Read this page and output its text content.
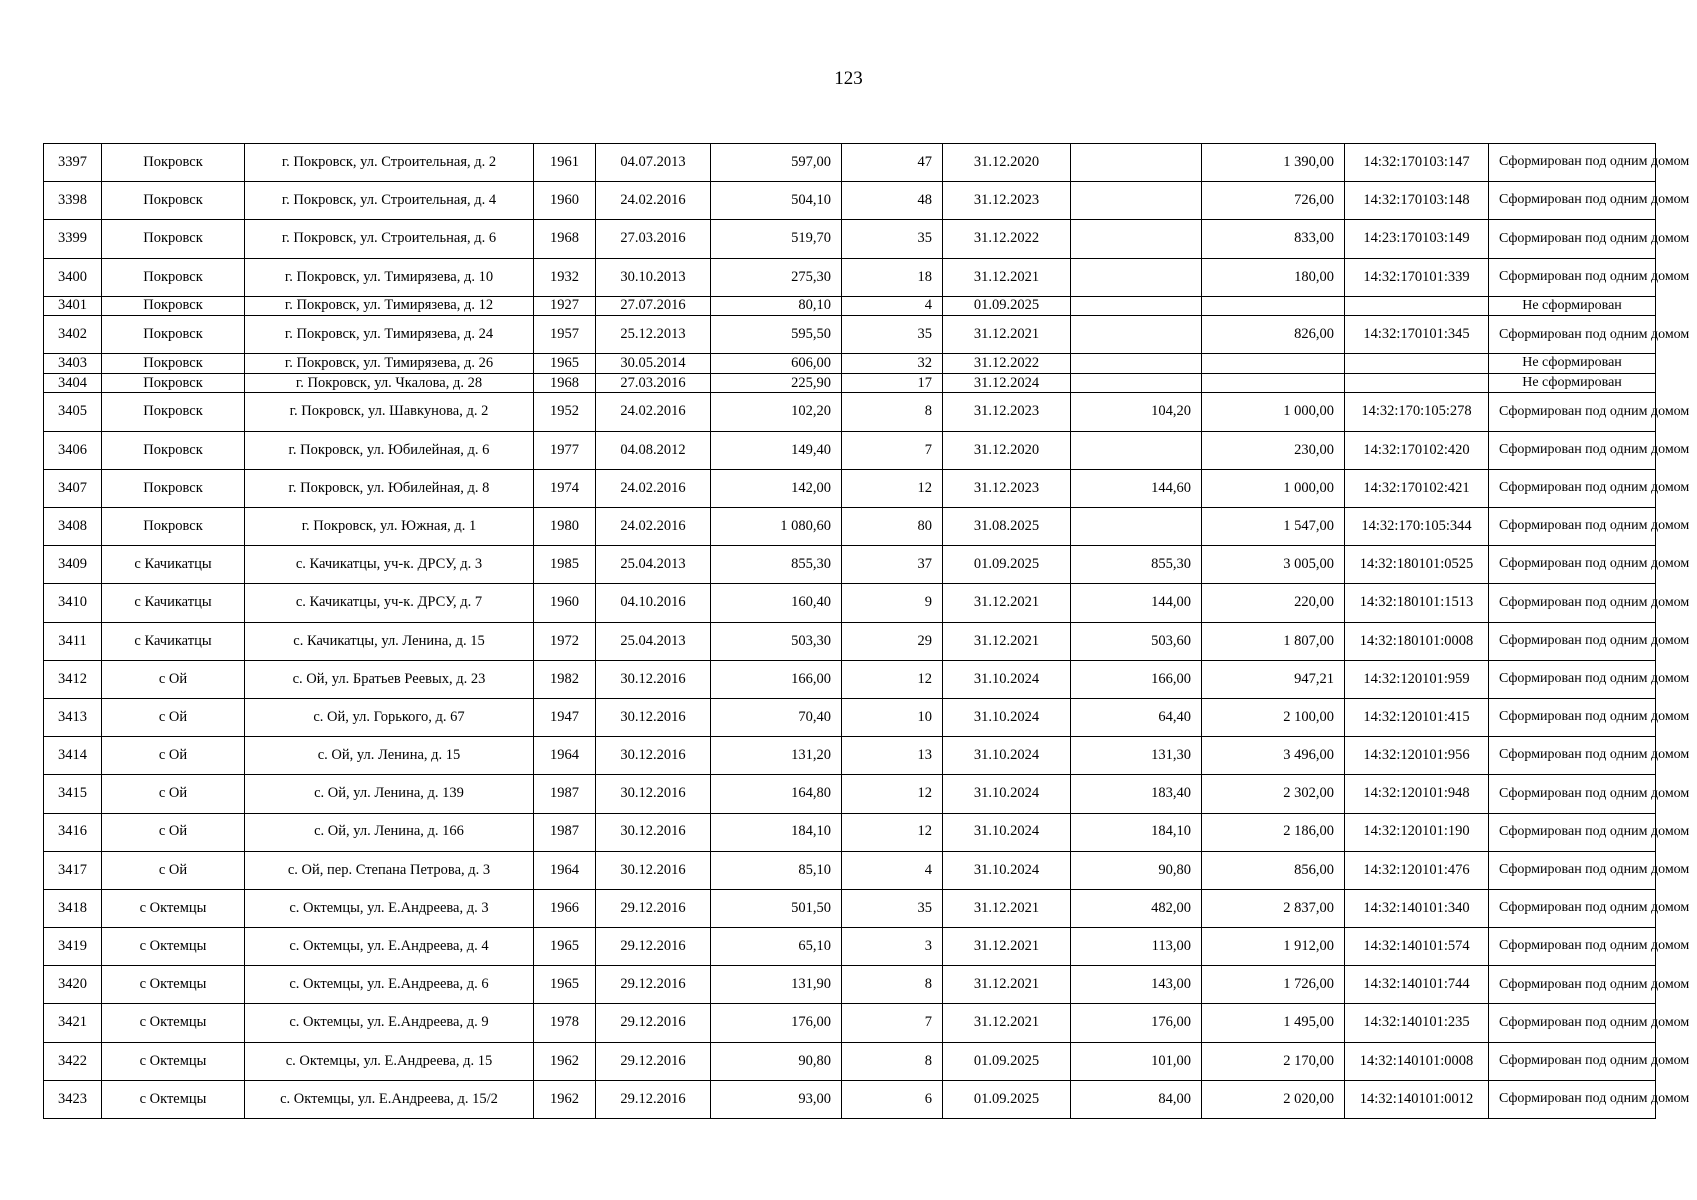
123
3397	Покровск	г. Покровск, ул. Строительная, д. 2	1961	04.07.2013	597,00	47	31.12.2020		1 390,00	14:32:170103:147	Сформирован под одним домом
3398	Покровск	г. Покровск, ул. Строительная, д. 4	1960	24.02.2016	504,10	48	31.12.2023		726,00	14:32:170103:148	Сформирован под одним домом
3399	Покровск	г. Покровск, ул. Строительная, д. 6	1968	27.03.2016	519,70	35	31.12.2022		833,00	14:23:170103:149	Сформирован под одним домом
3400	Покровск	г. Покровск, ул. Тимирязева, д. 10	1932	30.10.2013	275,30	18	31.12.2021		180,00	14:32:170101:339	Сформирован под одним домом
3401	Покровск	г. Покровск, ул. Тимирязева, д. 12	1927	27.07.2016	80,10	4	01.09.2025				Не сформирован
3402	Покровск	г. Покровск, ул. Тимирязева, д. 24	1957	25.12.2013	595,50	35	31.12.2021		826,00	14:32:170101:345	Сформирован под одним домом
3403	Покровск	г. Покровск, ул. Тимирязева, д. 26	1965	30.05.2014	606,00	32	31.12.2022				Не сформирован
3404	Покровск	г. Покровск, ул. Чкалова, д. 28	1968	27.03.2016	225,90	17	31.12.2024				Не сформирован
3405	Покровск	г. Покровск, ул. Шавкунова, д. 2	1952	24.02.2016	102,20	8	31.12.2023	104,20	1 000,00	14:32:170:105:278	Сформирован под одним домом
3406	Покровск	г. Покровск, ул. Юбилейная, д. 6	1977	04.08.2012	149,40	7	31.12.2020		230,00	14:32:170102:420	Сформирован под одним домом
3407	Покровск	г. Покровск, ул. Юбилейная, д. 8	1974	24.02.2016	142,00	12	31.12.2023	144,60	1 000,00	14:32:170102:421	Сформирован под одним домом
3408	Покровск	г. Покровск, ул. Южная, д. 1	1980	24.02.2016	1 080,60	80	31.08.2025		1 547,00	14:32:170:105:344	Сформирован под одним домом
3409	с Качикатцы	с. Качикатцы, уч-к. ДРСУ, д. 3	1985	25.04.2013	855,30	37	01.09.2025	855,30	3 005,00	14:32:180101:0525	Сформирован под одним домом
3410	с Качикатцы	с. Качикатцы, уч-к. ДРСУ, д. 7	1960	04.10.2016	160,40	9	31.12.2021	144,00	220,00	14:32:180101:1513	Сформирован под одним домом
3411	с Качикатцы	с. Качикатцы, ул. Ленина, д. 15	1972	25.04.2013	503,30	29	31.12.2021	503,60	1 807,00	14:32:180101:0008	Сформирован под одним домом
3412	с Ой	с. Ой, ул. Братьев Реевых, д. 23	1982	30.12.2016	166,00	12	31.10.2024	166,00	947,21	14:32:120101:959	Сформирован под одним домом
3413	с Ой	с. Ой, ул. Горького, д. 67	1947	30.12.2016	70,40	10	31.10.2024	64,40	2 100,00	14:32:120101:415	Сформирован под одним домом
3414	с Ой	с. Ой, ул. Ленина, д. 15	1964	30.12.2016	131,20	13	31.10.2024	131,30	3 496,00	14:32:120101:956	Сформирован под одним домом
3415	с Ой	с. Ой, ул. Ленина, д. 139	1987	30.12.2016	164,80	12	31.10.2024	183,40	2 302,00	14:32:120101:948	Сформирован под одним домом
3416	с Ой	с. Ой, ул. Ленина, д. 166	1987	30.12.2016	184,10	12	31.10.2024	184,10	2 186,00	14:32:120101:190	Сформирован под одним домом
3417	с Ой	с. Ой, пер. Степана Петрова, д. 3	1964	30.12.2016	85,10	4	31.10.2024	90,80	856,00	14:32:120101:476	Сформирован под одним домом
3418	с Октемцы	с. Октемцы, ул. Е.Андреева, д. 3	1966	29.12.2016	501,50	35	31.12.2021	482,00	2 837,00	14:32:140101:340	Сформирован под одним домом
3419	с Октемцы	с. Октемцы, ул. Е.Андреева, д. 4	1965	29.12.2016	65,10	3	31.12.2021	113,00	1 912,00	14:32:140101:574	Сформирован под одним домом
3420	с Октемцы	с. Октемцы, ул. Е.Андреева, д. 6	1965	29.12.2016	131,90	8	31.12.2021	143,00	1 726,00	14:32:140101:744	Сформирован под одним домом
3421	с Октемцы	с. Октемцы, ул. Е.Андреева, д. 9	1978	29.12.2016	176,00	7	31.12.2021	176,00	1 495,00	14:32:140101:235	Сформирован под одним домом
3422	с Октемцы	с. Октемцы, ул. Е.Андреева, д. 15	1962	29.12.2016	90,80	8	01.09.2025	101,00	2 170,00	14:32:140101:0008	Сформирован под одним домом
3423	с Октемцы	с. Октемцы, ул. Е.Андреева, д. 15/2	1962	29.12.2016	93,00	6	01.09.2025	84,00	2 020,00	14:32:140101:0012	Сформирован под одним домом
